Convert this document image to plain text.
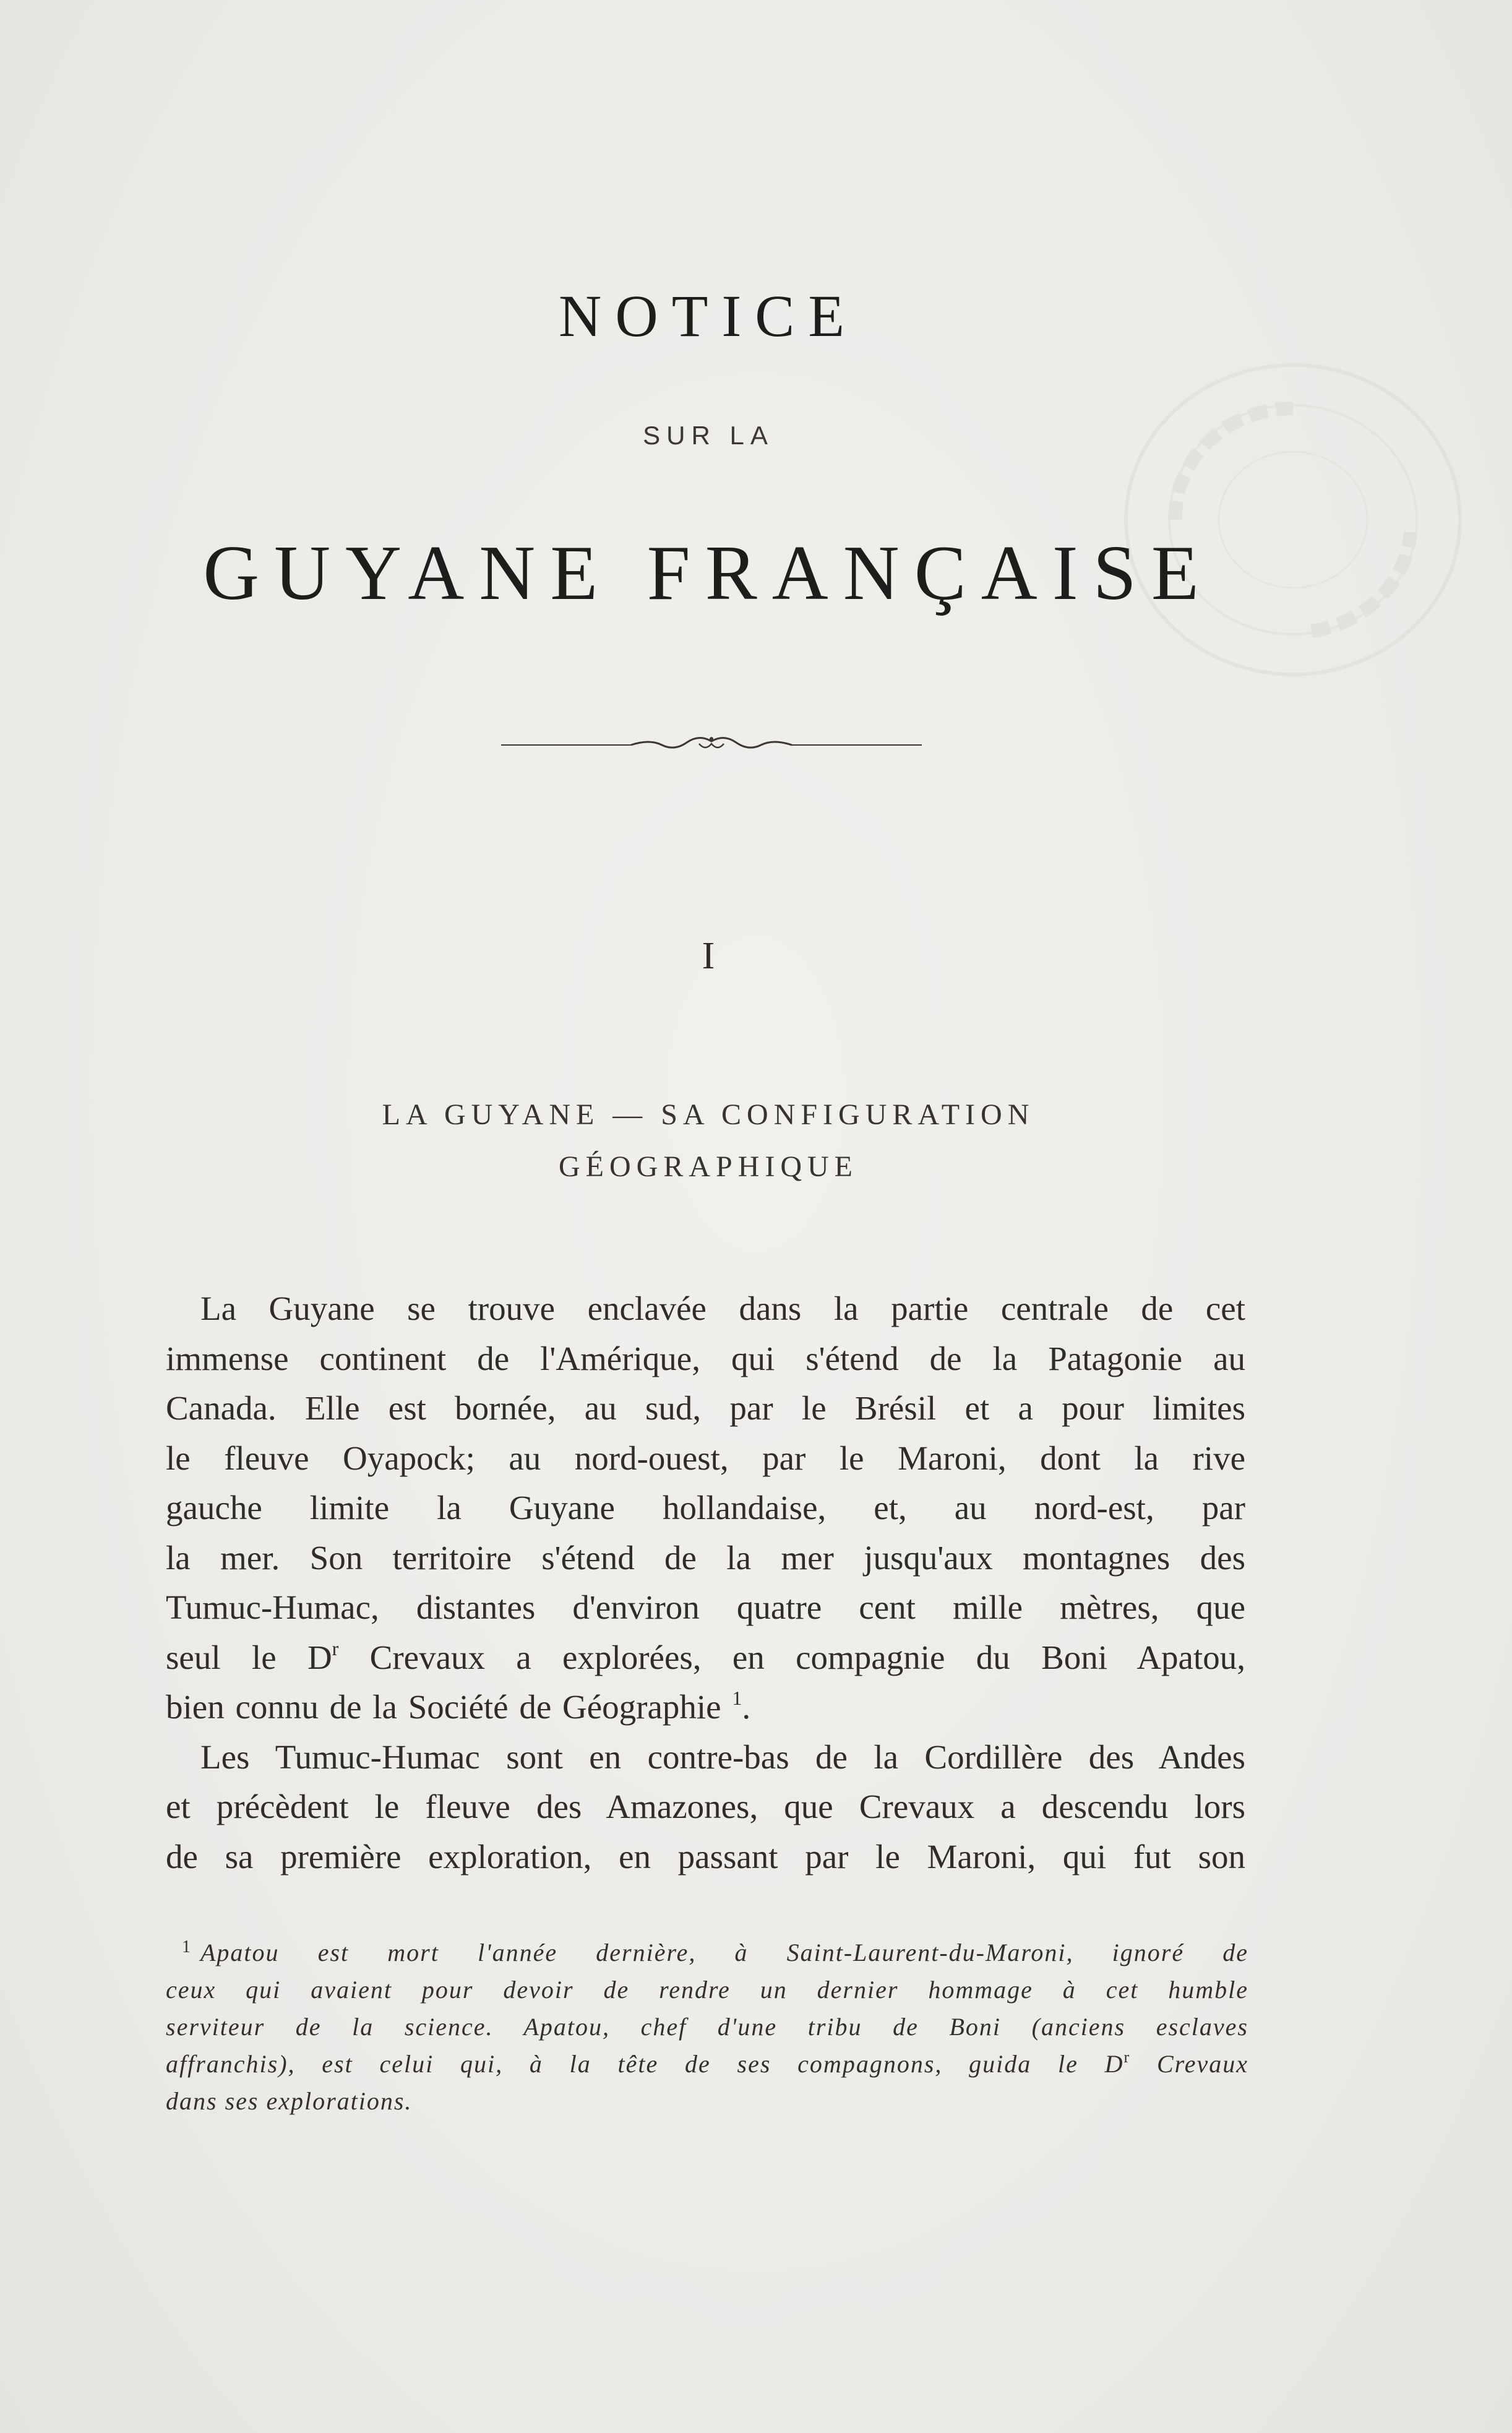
NOTICE
SUR LA
GUYANE FRANÇAISE
I
LA GUYANE — SA CONFIGURATION
GÉOGRAPHIQUE
La Guyane se trouve enclavée dans la partie centrale de cet
immense continent de l'Amérique, qui s'étend de la Patagonie au
Canada. Elle est bornée, au sud, par le Brésil et a pour limites
le fleuve Oyapock; au nord-ouest, par le Maroni, dont la rive
gauche limite la Guyane hollandaise, et, au nord-est, par
la mer. Son territoire s'étend de la mer jusqu'aux montagnes des
Tumuc-Humac, distantes d'environ quatre cent mille mètres, que
seul le $D^r$ Crevaux a explorées, en compagnie du Boni Apatou,
bien connu de la Société de Géographie $^1$.
Les Tumuc-Humac sont en contre-bas de la Cordillère des Andes
et précèdent le fleuve des Amazones, que Crevaux a descendu lors
de sa première exploration, en passant par le Maroni, qui fut son
$^1$ Apatou est mort l'année dernière, à Saint-Laurent-du-Maroni, ignoré de
ceux qui avaient pour devoir de rendre un dernier hommage à cet humble
serviteur de la science. Apatou, chef d'une tribu de Boni (anciens esclaves
affranchis), est celui qui, à la tête de ses compagnons, guida le $D^r$ Crevaux
dans ses explorations.
